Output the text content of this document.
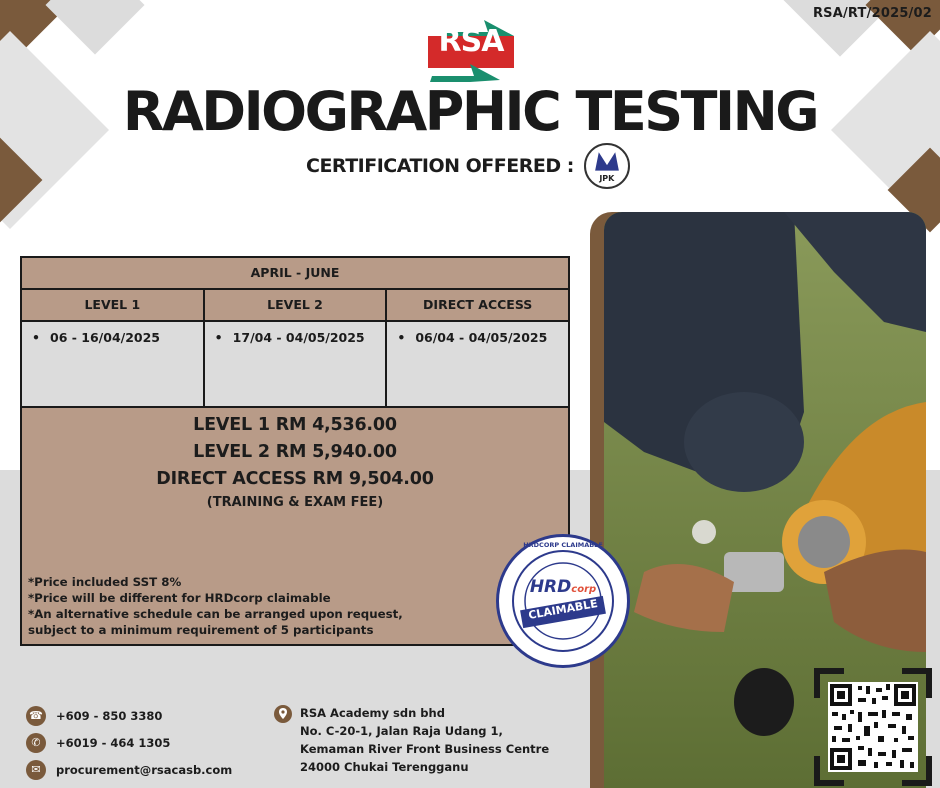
RSA/RT/2025/02
RSA
RADIOGRAPHIC TESTING
CERTIFICATION OFFERED :
JPK
APRIL - JUNE
LEVEL 1	LEVEL 2	DIRECT ACCESS
• 06 - 16/04/2025	• 17/04 - 04/05/2025	• 06/04 - 04/05/2025
LEVEL 1 RM 4,536.00
LEVEL 2 RM 5,940.00
DIRECT ACCESS RM 9,504.00
(TRAINING & EXAM FEE)
*Price included SST 8%
*Price will be different for HRDcorp claimable
*An alternative schedule can be arranged upon request,
subject to a minimum requirement of 5 participants
HRDcorp
CLAIMABLE
HRDCORP CLAIMABLE
☎ +609 - 850 3380
✆	+6019 - 464 1305
✉	procurement@rsacasb.com
RSA Academy sdn bhd
No. C-20-1, Jalan Raja Udang 1,
Kemaman River Front Business Centre
24000 Chukai Terengganu
